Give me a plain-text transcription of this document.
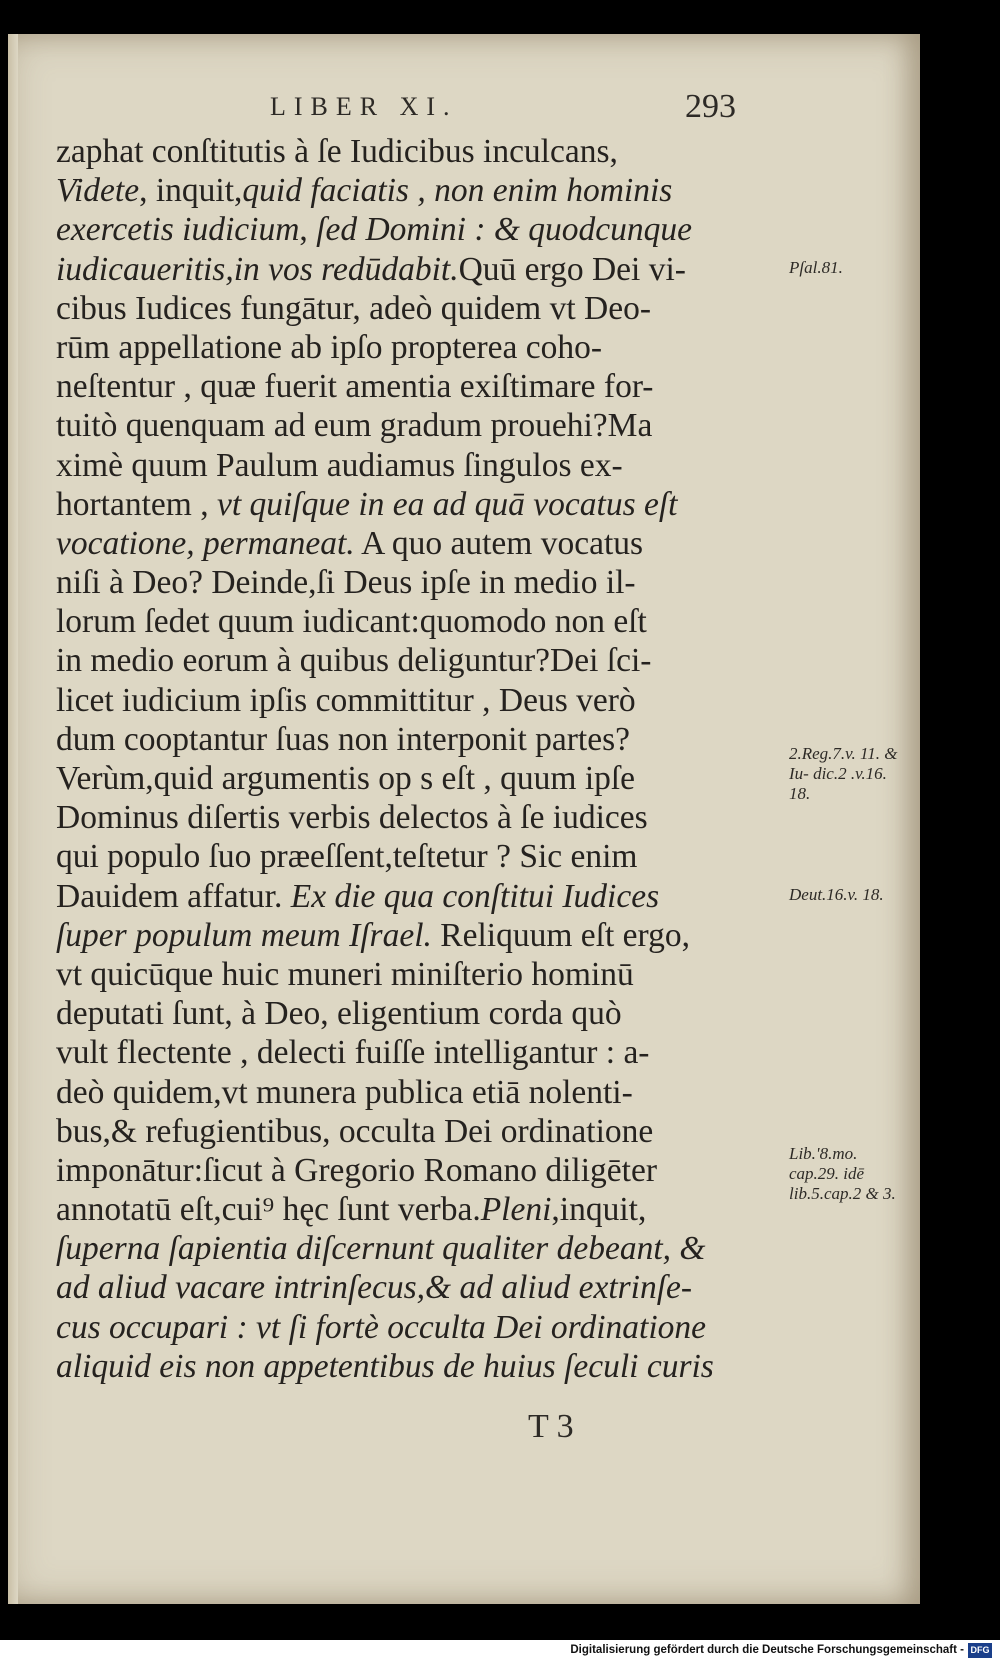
LIBER XI.	293
zaphat conſtitutis à ſe Iudicibus inculcans,
Videte, inquit,quid faciatis , non enim hominis
exercetis iudicium, ſed Domini : & quodcunque
iudicaueritis,in vos redūdabit.Quū ergo Dei vi-
cibus Iudices fungātur, adeò quidem vt Deo-
rūm appellatione ab ipſo propterea coho-
neſtentur , quæ fuerit amentia exiſtimare for-
tuitò quenquam ad eum gradum prouehi?Ma
ximè quum Paulum audiamus ſingulos ex-
hortantem , vt quiſque in ea ad quā vocatus eſt
vocatione, permaneat. A quo autem vocatus
niſi à Deo? Deinde,ſi Deus ipſe in medio il-
lorum ſedet quum iudicant:quomodo non eſt
in medio eorum à quibus deliguntur?Dei ſci-
licet iudicium ipſis committitur , Deus verò
dum cooptantur ſuas non interponit partes?
Verùm,quid argumentis op s eſt , quum ipſe
Dominus diſertis verbis delectos à ſe iudices
qui populo ſuo præeſſent,teſtetur ? Sic enim
Dauidem affatur. Ex die qua conſtitui Iudices
ſuper populum meum Iſrael. Reliquum eſt ergo,
vt quicūque huic muneri miniſterio hominū
deputati ſunt, à Deo, eligentium corda quò
vult flectente , delecti fuiſſe intelligantur : a-
deò quidem,vt munera publica etiā nolenti-
bus,& refugientibus, occulta Dei ordinatione
imponātur:ſicut à Gregorio Romano diligēter
annotatū eſt,cui⁹ hęc ſunt verba.Pleni,inquit,
ſuperna ſapientia diſcernunt qualiter debeant, &
ad aliud vacare intrinſecus,& ad aliud extrinſe-
cus occupari : vt ſi fortè occulta Dei ordinatione
aliquid eis non appetentibus de huius ſeculi curis
Pſal.81.
2.Reg.7.v. 11. & Iu- dic.2 .v.16. 18.
Deut.16.v. 18.
Lib.'8.mo. cap.29. idē lib.5.cap.2 & 3.
T 3
Digitalisierung gefördert durch die Deutsche Forschungsgemeinschaft - DFG
